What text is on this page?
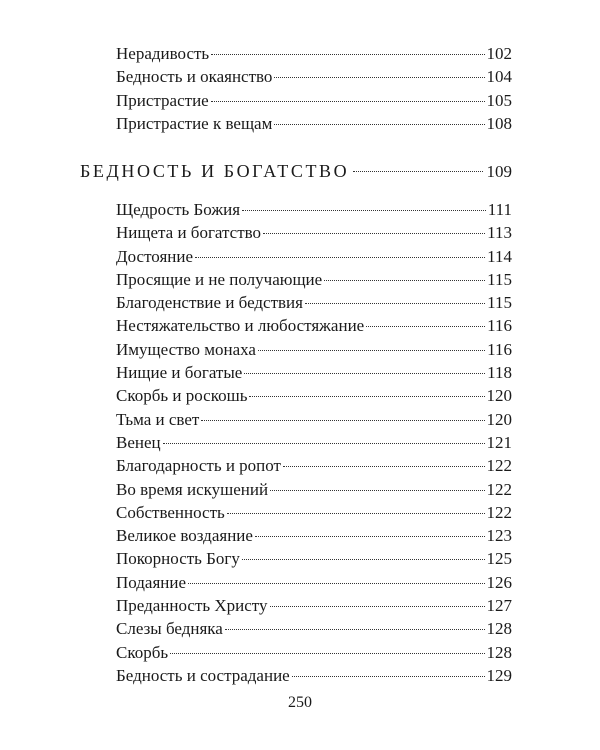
Нерадивость	102
Бедность и окаянство	104
Пристрастие	105
Пристрастие к вещам	108
БЕДНОСТЬ И БОГАТСТВО	109
Щедрость Божия	111
Нищета и богатство	113
Достояние	114
Просящие и не получающие	115
Благоденствие и бедствия	115
Нестяжательство и любостяжание	116
Имущество монаха	116
Нищие и богатые	118
Скорбь и роскошь	120
Тьма и свет	120
Венец	121
Благодарность и ропот	122
Во время искушений	122
Собственность	122
Великое воздаяние	123
Покорность Богу	125
Подаяние	126
Преданность Христу	127
Слезы бедняка	128
Скорбь	128
Бедность и сострадание	129
250
